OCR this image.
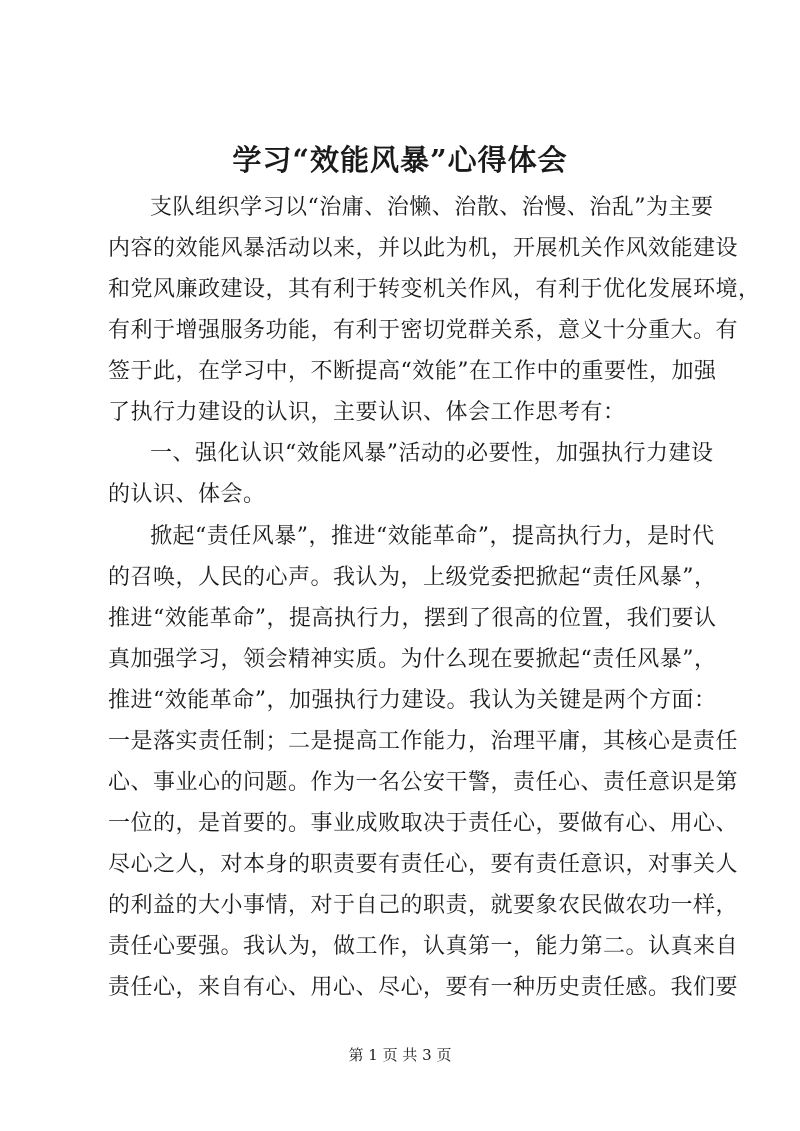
学习“效能风暴”心得体会
支队组织学习以“治庸、治懒、治散、治慢、治乱”为主要
内容的效能风暴活动以来，并以此为机，开展机关作风效能建设
和党风廉政建设，其有利于转变机关作风，有利于优化发展环境，
有利于增强服务功能，有利于密切党群关系，意义十分重大。有
签于此，在学习中，不断提高“效能”在工作中的重要性，加强
了执行力建设的认识，主要认识、体会工作思考有：
一、强化认识“效能风暴”活动的必要性，加强执行力建设
的认识、体会。
掀起“责任风暴”，推进“效能革命”，提高执行力，是时代
的召唤，人民的心声。我认为，上级党委把掀起“责任风暴”，
推进“效能革命”，提高执行力，摆到了很高的位置，我们要认
真加强学习，领会精神实质。为什么现在要掀起“责任风暴”，
推进“效能革命”，加强执行力建设。我认为关键是两个方面：
一是落实责任制；二是提高工作能力，治理平庸，其核心是责任
心、事业心的问题。作为一名公安干警，责任心、责任意识是第
一位的，是首要的。事业成败取决于责任心，要做有心、用心、
尽心之人，对本身的职责要有责任心，要有责任意识，对事关人
的利益的大小事情，对于自己的职责，就要象农民做农功一样，
责任心要强。我认为，做工作，认真第一，能力第二。认真来自
责任心，来自有心、用心、尽心，要有一种历史责任感。我们要
第 1 页 共 3 页
